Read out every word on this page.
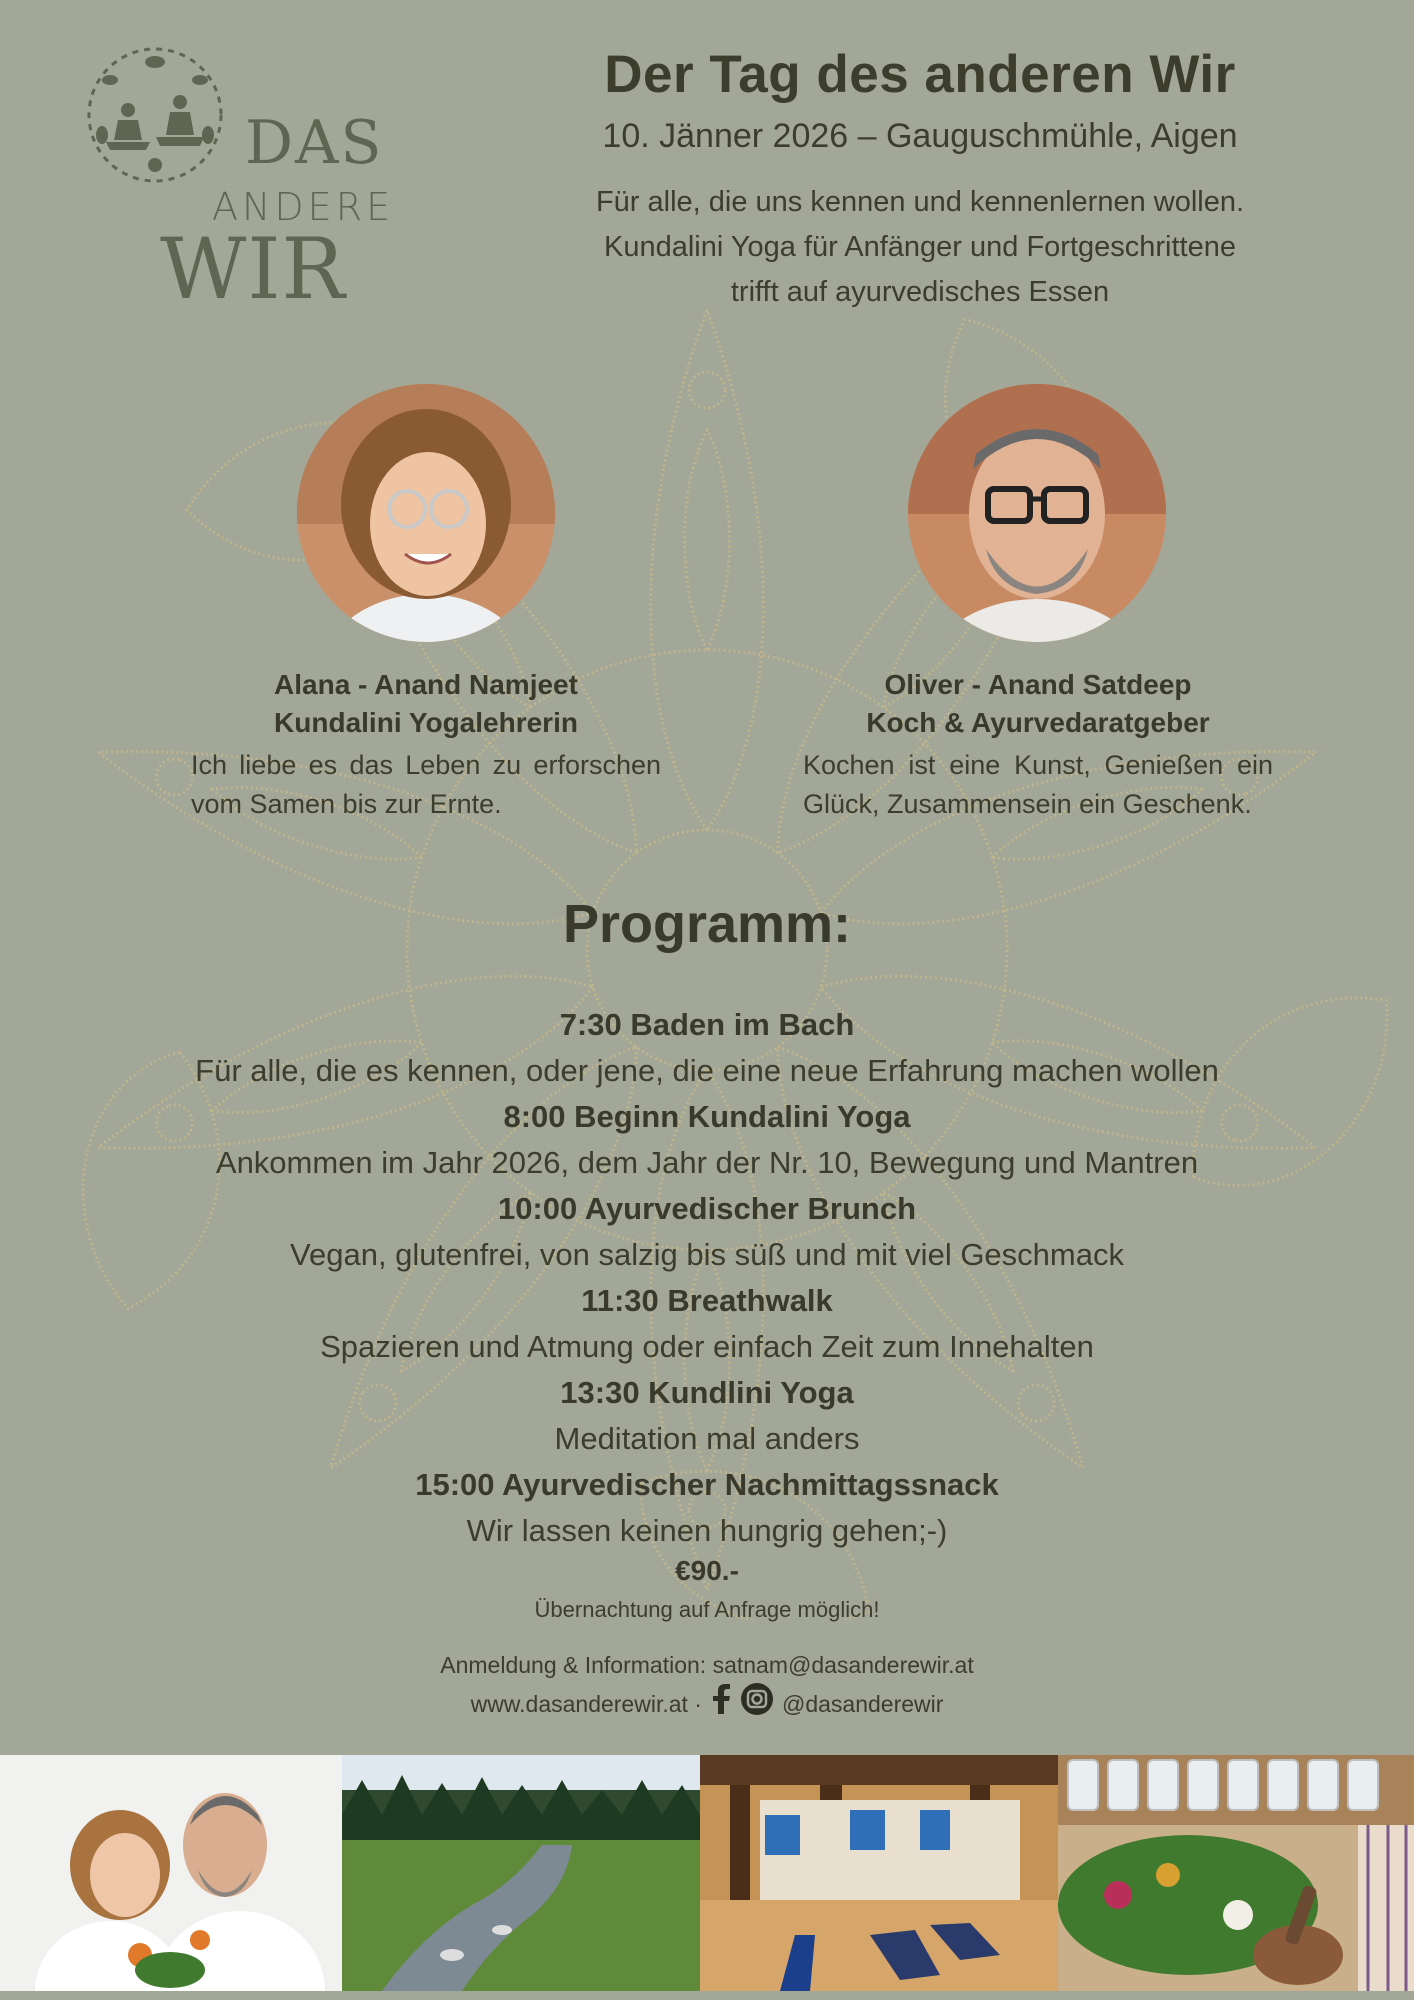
DAS
ANDERE
WIR
Der Tag des anderen Wir
10. Jänner 2026 – Gauguschmühle, Aigen
Für alle, die uns kennen und kennenlernen wollen.
Kundalini Yoga für Anfänger und Fortgeschrittene
trifft auf ayurvedisches Essen
Alana - Anand Namjeet
Kundalini Yogalehrerin
Ich liebe es das Leben zu erforschen vom Samen bis zur Ernte.
Oliver - Anand Satdeep
Koch & Ayurvedaratgeber
Kochen ist eine Kunst, Genießen ein Glück, Zusammensein ein Geschenk.
Programm:
7:30 Baden im Bach
Für alle, die es kennen, oder jene, die eine neue Erfahrung machen wollen
8:00 Beginn Kundalini Yoga
Ankommen im Jahr 2026, dem Jahr der Nr. 10, Bewegung und Mantren
10:00 Ayurvedischer Brunch
Vegan, glutenfrei, von salzig bis süß und mit viel Geschmack
11:30 Breathwalk
Spazieren und Atmung oder einfach Zeit zum Innehalten
13:30 Kundlini Yoga
Meditation mal anders
15:00 Ayurvedischer Nachmittagssnack
Wir lassen keinen hungrig gehen;-)
€90.-
Übernachtung auf Anfrage möglich!
Anmeldung & Information: satnam@dasanderewir.at
www.dasanderewir.at ·	@dasanderewir
